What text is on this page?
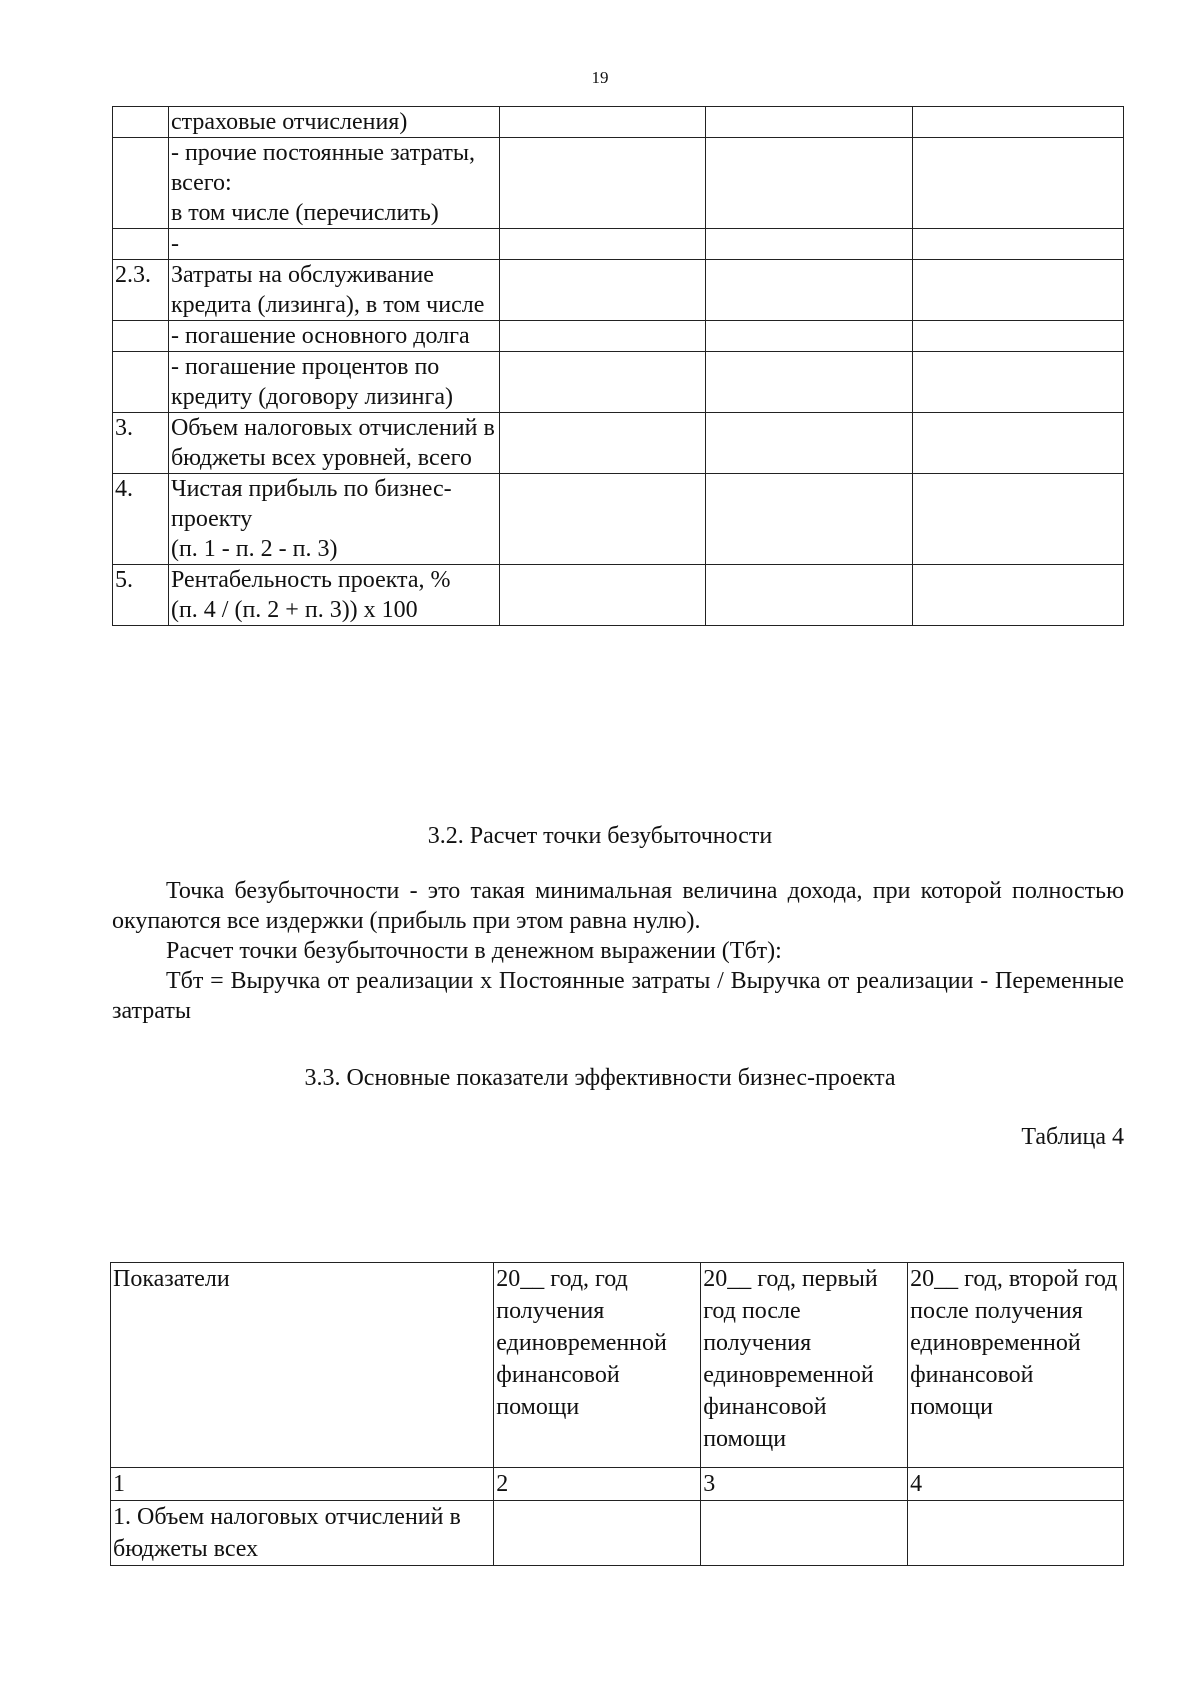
19
	страховые отчисления)			
	- прочие постоянные затраты, всего:
в том числе (перечислить)			
	-			
2.3.	Затраты на обслуживание кредита (лизинга), в том числе			
	- погашение основного долга			
	- погашение процентов по кредиту (договору лизинга)			
3.	Объем налоговых отчислений в бюджеты всех уровней, всего			
4.	Чистая прибыль по бизнес-проекту
(п. 1 - п. 2 - п. 3)			
5.	Рентабельность проекта, %
(п. 4 / (п. 2 + п. 3)) х 100			
3.2. Расчет точки безубыточности

Точка безубыточности - это такая минимальная величина дохода, при которой полностью окупаются все издержки (прибыль при этом равна нулю).

Расчет точки безубыточности в денежном выражении (Тбт):

Тбт = Выручка от реализации х Постоянные затраты / Выручка от реализации - Переменные затраты

3.3. Основные показатели эффективности бизнес-проекта
Таблица 4
Показатели	20__ год, год получения единовременной финансовой помощи	20__ год, первый год после получения единовременной финансовой помощи	20__ год, второй год после получения единовременной финансовой помощи
1	2	3	4
1. Объем налоговых отчислений в бюджеты всех			
